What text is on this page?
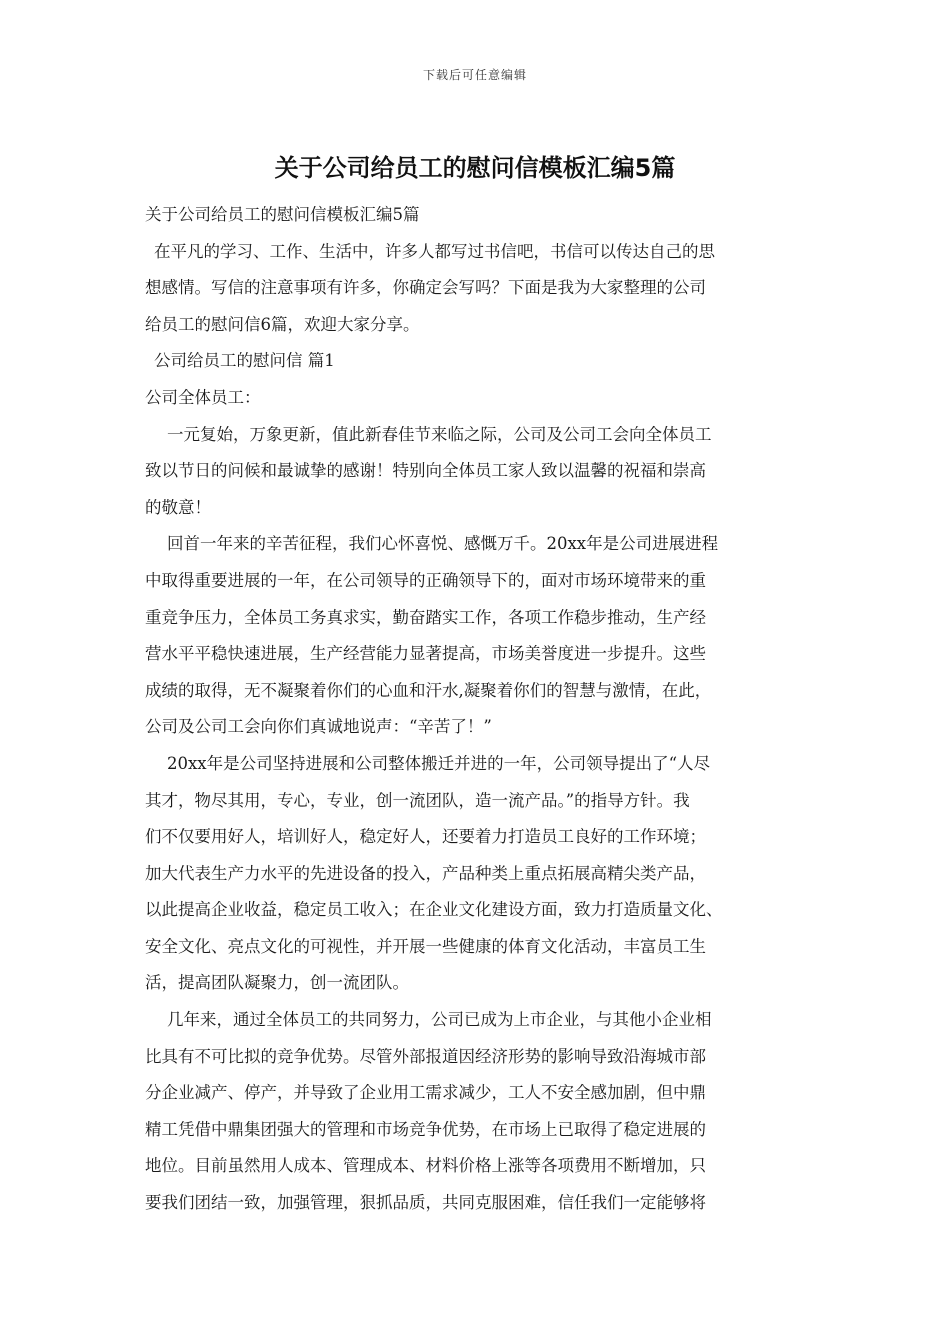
下载后可任意编辑
关于公司给员工的慰问信模板汇编5篇
关于公司给员工的慰问信模板汇编5篇
在平凡的学习、工作、生活中，许多人都写过书信吧，书信可以传达自己的思
想感情。写信的注意事项有许多，你确定会写吗？下面是我为大家整理的公司
给员工的慰问信6篇，欢迎大家分享。
公司给员工的慰问信 篇1
公司全体员工：
一元复始，万象更新，值此新春佳节来临之际，公司及公司工会向全体员工
致以节日的问候和最诚挚的感谢！特别向全体员工家人致以温馨的祝福和崇高
的敬意！
回首一年来的辛苦征程，我们心怀喜悦、感慨万千。20xx年是公司进展进程
中取得重要进展的一年，在公司领导的正确领导下的，面对市场环境带来的重
重竞争压力，全体员工务真求实，勤奋踏实工作，各项工作稳步推动，生产经
营水平平稳快速进展，生产经营能力显著提高，市场美誉度进一步提升。这些
成绩的取得，无不凝聚着你们的心血和汗水,凝聚着你们的智慧与激情，在此，
公司及公司工会向你们真诚地说声：“辛苦了！”
20xx年是公司坚持进展和公司整体搬迁并进的一年，公司领导提出了“人尽
其才，物尽其用，专心，专业，创一流团队，造一流产品。”的指导方针。我
们不仅要用好人，培训好人，稳定好人，还要着力打造员工良好的工作环境；
加大代表生产力水平的先进设备的投入，产品种类上重点拓展高精尖类产品，
以此提高企业收益，稳定员工收入；在企业文化建设方面，致力打造质量文化、
安全文化、亮点文化的可视性，并开展一些健康的体育文化活动，丰富员工生
活，提高团队凝聚力，创一流团队。
几年来，通过全体员工的共同努力，公司已成为上市企业，与其他小企业相
比具有不可比拟的竞争优势。尽管外部报道因经济形势的影响导致沿海城市部
分企业减产、停产，并导致了企业用工需求减少，工人不安全感加剧，但中鼎
精工凭借中鼎集团强大的管理和市场竞争优势，在市场上已取得了稳定进展的
地位。目前虽然用人成本、管理成本、材料价格上涨等各项费用不断增加，只
要我们团结一致，加强管理，狠抓品质，共同克服困难，信任我们一定能够将
